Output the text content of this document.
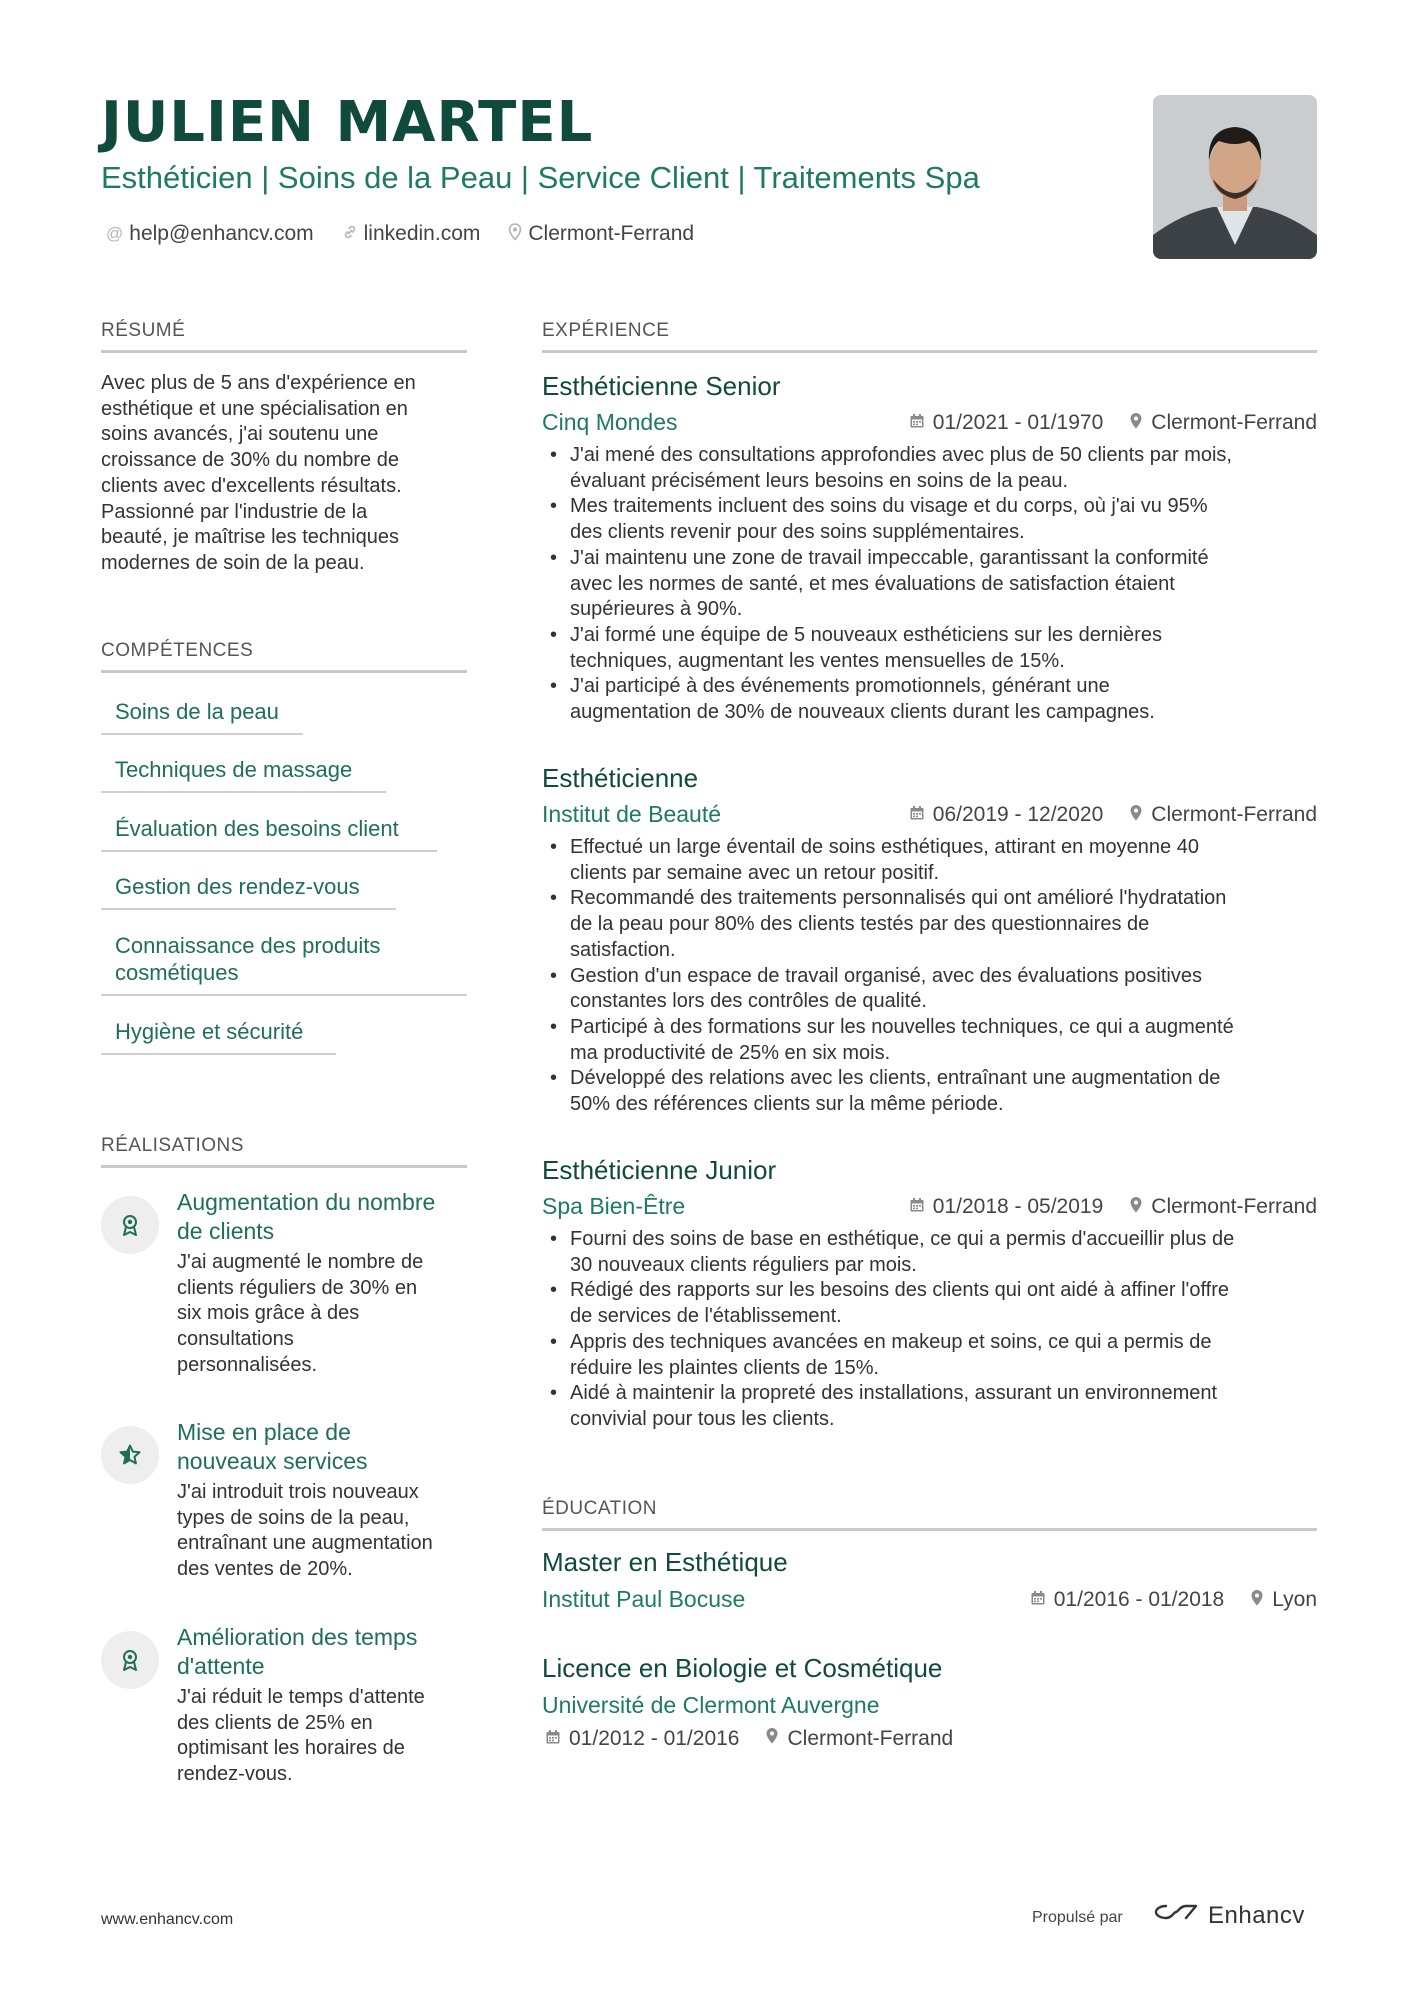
JULIEN MARTEL
Esthéticien | Soins de la Peau | Service Client | Traitements Spa
@ help@enhancv.com linkedin.com Clermont-Ferrand
RÉSUMÉ
Avec plus de 5 ans d'expérience en
esthétique et une spécialisation en
soins avancés, j'ai soutenu une
croissance de 30% du nombre de
clients avec d'excellents résultats.
Passionné par l'industrie de la
beauté, je maîtrise les techniques
modernes de soin de la peau.
COMPÉTENCES
Soins de la peau
Techniques de massage
Évaluation des besoins client
Gestion des rendez-vous
Connaissance des produits
cosmétiques
Hygiène et sécurité
RÉALISATIONS
Augmentation du nombre
de clients
J'ai augmenté le nombre de
clients réguliers de 30% en
six mois grâce à des
consultations
personnalisées.
Mise en place de
nouveaux services
J'ai introduit trois nouveaux
types de soins de la peau,
entraînant une augmentation
des ventes de 20%.
Amélioration des temps
d'attente
J'ai réduit le temps d'attente
des clients de 25% en
optimisant les horaires de
rendez-vous.
EXPÉRIENCE
Esthéticienne Senior
Cinq Mondes	01/2021 - 01/1970 Clermont-Ferrand
• J'ai mené des consultations approfondies avec plus de 50 clients par mois,
évaluant précisément leurs besoins en soins de la peau.
• Mes traitements incluent des soins du visage et du corps, où j'ai vu 95%
des clients revenir pour des soins supplémentaires.
• J'ai maintenu une zone de travail impeccable, garantissant la conformité
avec les normes de santé, et mes évaluations de satisfaction étaient
supérieures à 90%.
• J'ai formé une équipe de 5 nouveaux esthéticiens sur les dernières
techniques, augmentant les ventes mensuelles de 15%.
• J'ai participé à des événements promotionnels, générant une
augmentation de 30% de nouveaux clients durant les campagnes.
Esthéticienne
Institut de Beauté	06/2019 - 12/2020 Clermont-Ferrand
• Effectué un large éventail de soins esthétiques, attirant en moyenne 40
clients par semaine avec un retour positif.
• Recommandé des traitements personnalisés qui ont amélioré l'hydratation
de la peau pour 80% des clients testés par des questionnaires de
satisfaction.
• Gestion d'un espace de travail organisé, avec des évaluations positives
constantes lors des contrôles de qualité.
• Participé à des formations sur les nouvelles techniques, ce qui a augmenté
ma productivité de 25% en six mois.
• Développé des relations avec les clients, entraînant une augmentation de
50% des références clients sur la même période.
Esthéticienne Junior
Spa Bien-Être	01/2018 - 05/2019 Clermont-Ferrand
• Fourni des soins de base en esthétique, ce qui a permis d'accueillir plus de
30 nouveaux clients réguliers par mois.
• Rédigé des rapports sur les besoins des clients qui ont aidé à affiner l'offre
de services de l'établissement.
• Appris des techniques avancées en makeup et soins, ce qui a permis de
réduire les plaintes clients de 15%.
• Aidé à maintenir la propreté des installations, assurant un environnement
convivial pour tous les clients.
ÉDUCATION
Master en Esthétique
Institut Paul Bocuse	01/2016 - 01/2018 Lyon
Licence en Biologie et Cosmétique
Université de Clermont Auvergne
01/2012 - 01/2016 Clermont-Ferrand
www.enhancv.com	Propulsé par	Enhancv
